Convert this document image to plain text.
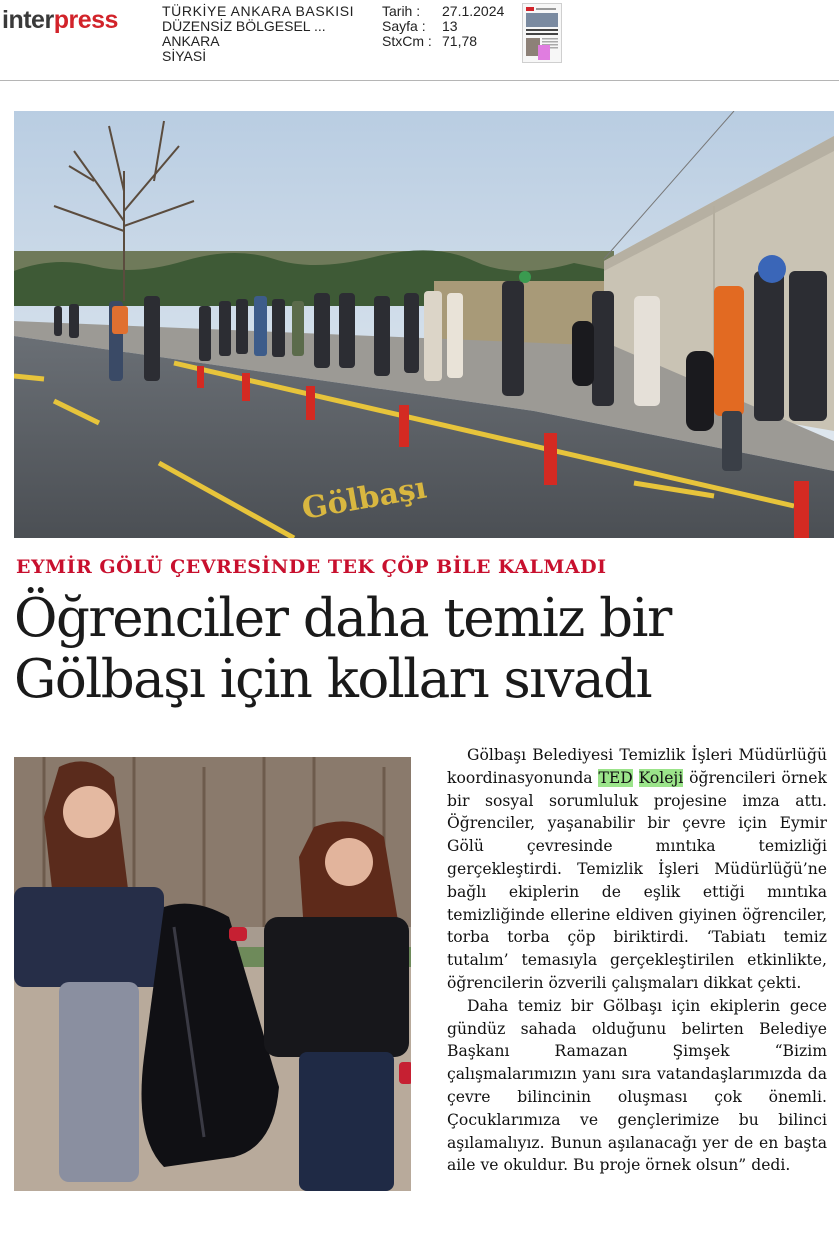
interpress	TÜRKİYE ANKARA BASKISI
DÜZENSİZ BÖLGESEL ...
ANKARA
SİYASİ
Tarih : 27.1.2024
Sayfa : 13
StxCm : 71,78
Gölbaşı
EYMİR GÖLÜ ÇEVRESİNDE TEK ÇÖP BİLE KALMADI
Öğrenciler daha temiz bir
Gölbaşı için kolları sıvadı

Gölbaşı Belediyesi Temizlik İşleri Müdürlüğü koordinasyonunda TED Koleji öğrencileri örnek bir sosyal sorumluluk projesine imza attı. Öğrenciler, yaşanabilir bir çevre için Eymir Gölü çevresinde mıntıka temizliği gerçekleştirdi. Temizlik İşleri Müdürlüğü’ne bağlı ekiplerin de eşlik ettiği mıntıka temizliğinde ellerine eldiven giyinen öğrenciler, torba torba çöp biriktirdi. ‘Tabiatı temiz tutalım’ temasıyla gerçekleştirilen etkinlikte, öğrencilerin özverili çalışmaları dikkat çekti.

Daha temiz bir Gölbaşı için ekiplerin gece gündüz sahada olduğunu belirten Belediye Başkanı Ramazan Şimşek “Bizim çalışmalarımızın yanı sıra vatandaşlarımızda da çevre bilincinin oluşması çok önemli. Çocuklarımıza ve gençlerimize bu bilinci aşılamalıyız. Bunun aşılanacağı yer de en başta aile ve okuldur. Bu proje örnek olsun” dedi.
